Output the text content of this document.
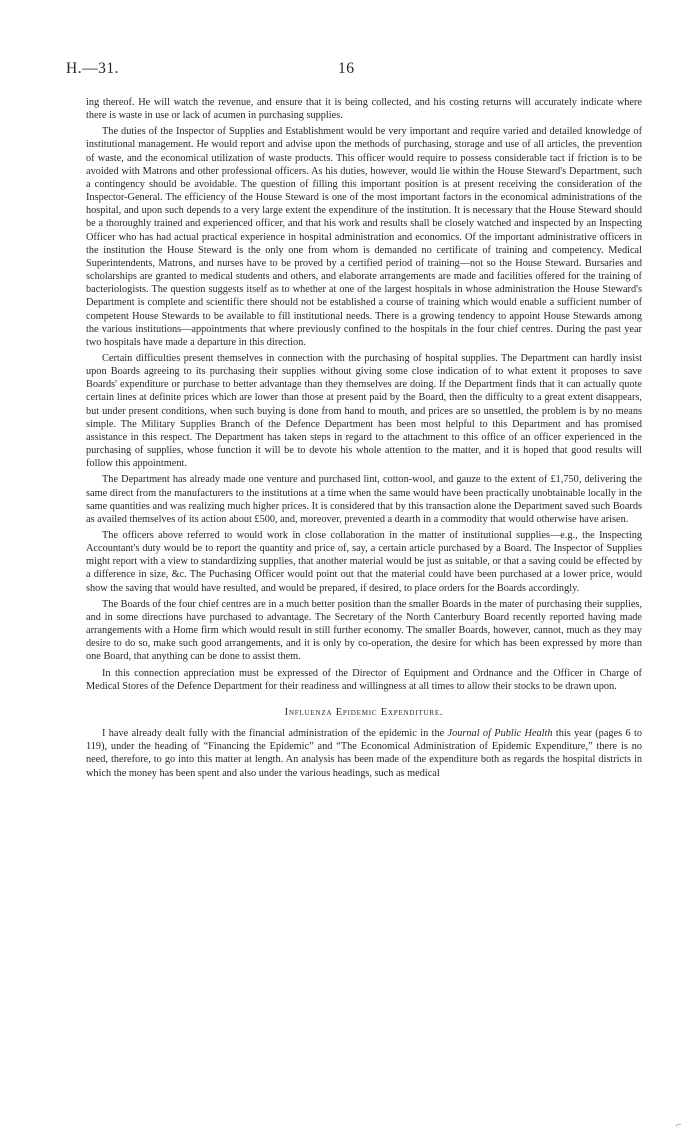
H.—31.	16

ing thereof. He will watch the revenue, and ensure that it is being collected, and his costing returns will accurately indicate where there is waste in use or lack of acumen in purchasing supplies.

The duties of the Inspector of Supplies and Establishment would be very important and require varied and detailed knowledge of institutional management. He would report and advise upon the methods of purchasing, storage and use of all articles, the prevention of waste, and the economical utilization of waste products. This officer would require to possess considerable tact if friction is to be avoided with Matrons and other professional officers. As his duties, however, would lie within the House Steward's Department, such a contingency should be avoidable. The question of filling this important position is at present receiving the consideration of the Inspector-General. The efficiency of the House Steward is one of the most important factors in the economical administrations of the hospital, and upon such depends to a very large extent the expenditure of the institution. It is necessary that the House Steward should be a thoroughly trained and experienced officer, and that his work and results shall be closely watched and inspected by an Inspecting Officer who has had actual practical experience in hospital administration and economics. Of the important administrative officers in the institution the House Steward is the only one from whom is demanded no certificate of training and competency. Medical Superintendents, Matrons, and nurses have to be proved by a certified period of training—not so the House Steward. Bursaries and scholarships are granted to medical students and others, and elaborate arrangements are made and facilities offered for the training of bacteriologists. The question suggests itself as to whether at one of the largest hospitals in whose administration the House Steward's Department is complete and scientific there should not be established a course of training which would enable a sufficient number of competent House Stewards to be available to fill institutional needs. There is a growing tendency to appoint House Stewards among the various institutions—appointments that where previously confined to the hospitals in the four chief centres. During the past year two hospitals have made a departure in this direction.

Certain difficulties present themselves in connection with the purchasing of hospital supplies. The Department can hardly insist upon Boards agreeing to its purchasing their supplies without giving some close indication of to what extent it proposes to save Boards' expenditure or purchase to better advantage than they themselves are doing. If the Department finds that it can actually quote certain lines at definite prices which are lower than those at present paid by the Board, then the difficulty to a great extent disappears, but under present conditions, when such buying is done from hand to mouth, and prices are so unsettled, the problem is by no means simple. The Military Supplies Branch of the Defence Department has been most helpful to this Department and has promised assistance in this respect. The Department has taken steps in regard to the attachment to this office of an officer experienced in the purchasing of supplies, whose function it will be to devote his whole attention to the matter, and it is hoped that good results will follow this appointment.

The Department has already made one venture and purchased lint, cotton-wool, and gauze to the extent of £1,750, delivering the same direct from the manufacturers to the institutions at a time when the same would have been practically unobtainable locally in the same quantities and was realizing much higher prices. It is considered that by this transaction alone the Department saved such Boards as availed themselves of its action about £500, and, moreover, prevented a dearth in a commodity that would otherwise have arisen.

The officers above referred to would work in close collaboration in the matter of institutional supplies—e.g., the Inspecting Accountant's duty would be to report the quantity and price of, say, a certain article purchased by a Board. The Inspector of Supplies might report with a view to standardizing supplies, that another material would be just as suitable, or that a saving could be effected by a difference in size, &c. The Puchasing Officer would point out that the material could have been purchased at a lower price, would show the saving that would have resulted, and would be prepared, if desired, to place orders for the Boards accordingly.

The Boards of the four chief centres are in a much better position than the smaller Boards in the mater of purchasing their supplies, and in some directions have purchased to advantage. The Secretary of the North Canterbury Board recently reported having made arrangements with a Home firm which would result in still further economy. The smaller Boards, however, cannot, much as they may desire to do so, make such good arrangements, and it is only by co-operation, the desire for which has been expressed by more than one Board, that anything can be done to assist them.

In this connection appreciation must be expressed of the Director of Equipment and Ordnance and the Officer in Charge of Medical Stores of the Defence Department for their readiness and willingness at all times to allow their stocks to be drawn upon.

Influenza Epidemic Expenditure.

I have already dealt fully with the financial administration of the epidemic in the Journal of Public Health this year (pages 6 to 119), under the heading of “Financing the Epidemic” and “The Economical Administration of Epidemic Expenditure,” there is no need, therefore, to go into this matter at length. An analysis has been made of the expenditure both as regards the hospital districts in which the money has been spent and also under the various headings, such as medical

⌐
